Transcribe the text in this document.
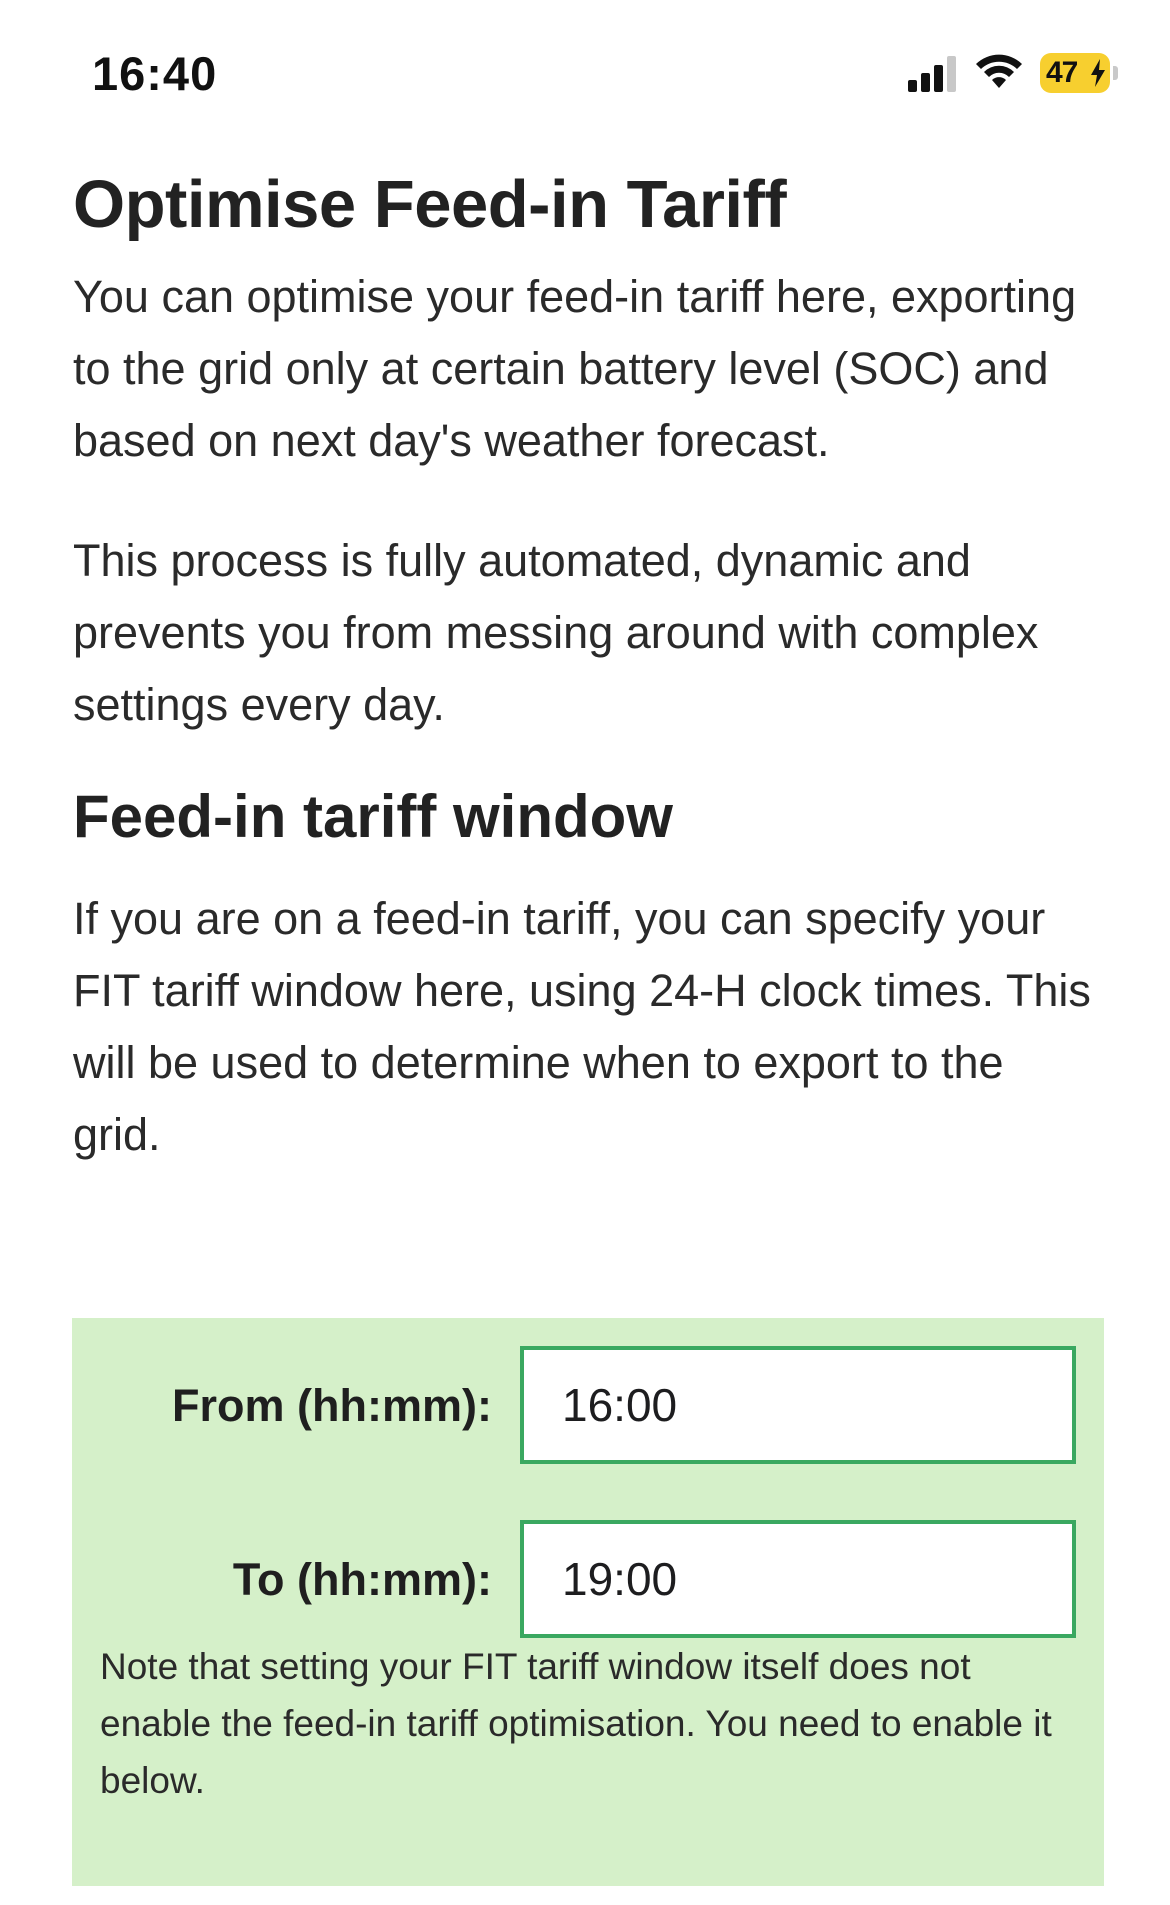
16:40	47
Optimise Feed-in Tariff

You can optimise your feed-in tariff here, exporting to the grid only at certain battery level (SOC) and based on next day's weather forecast.

This process is fully automated, dynamic and prevents you from messing around with complex settings every day.

Feed-in tariff window

If you are on a feed-in tariff, you can specify your FIT tariff window here, using 24-H clock times. This will be used to determine when to export to the grid.

From (hh:mm):
16:00
To (hh:mm):
19:00

Note that setting your FIT tariff window itself does not enable the feed-in tariff optimisation. You need to enable it below.
